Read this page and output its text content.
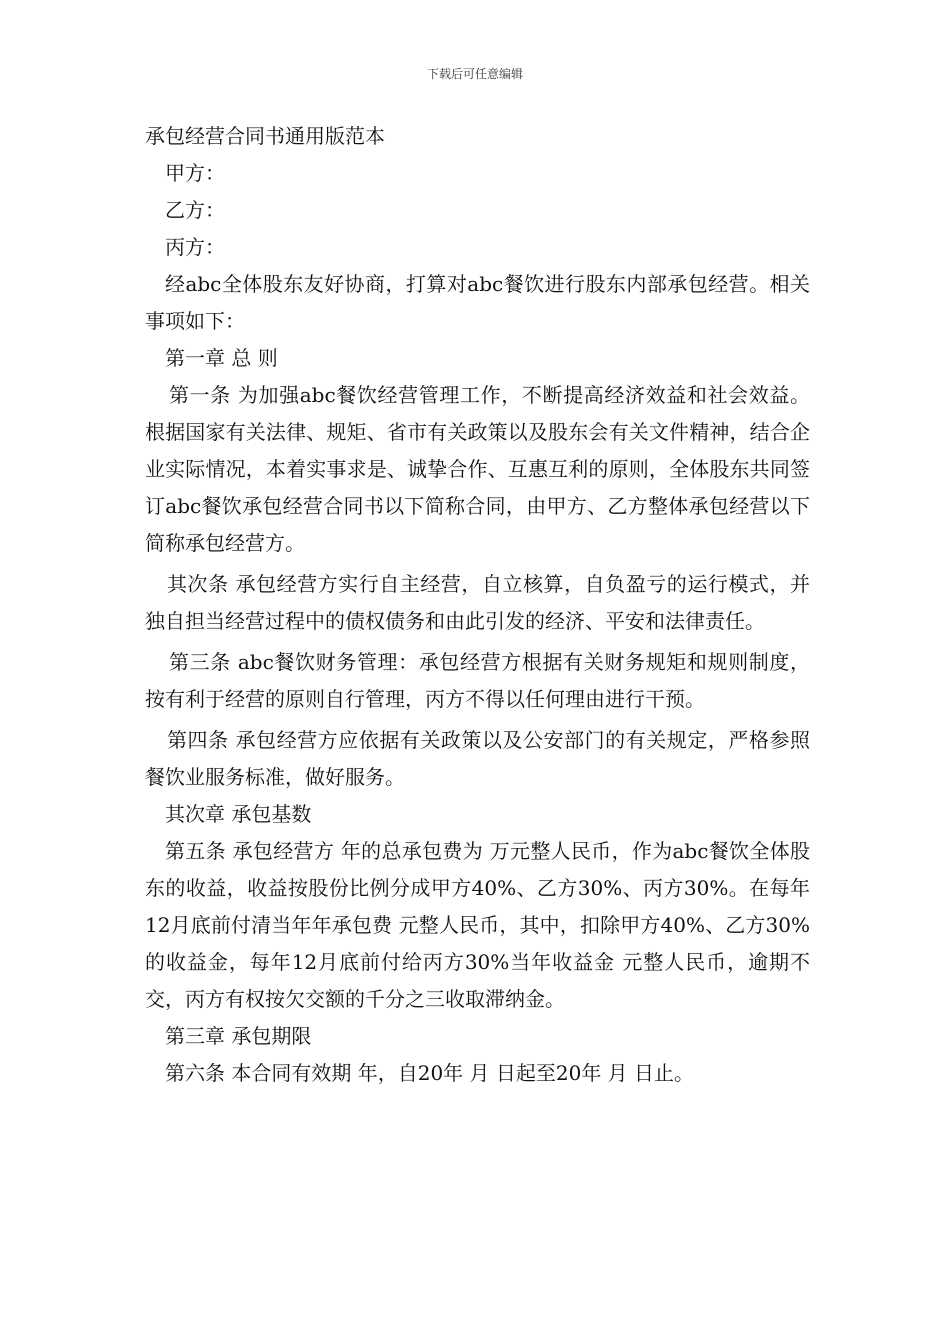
下载后可任意编辑

承包经营合同书通用版范本

甲方：

乙方：

丙方：

经abc全体股东友好协商，打算对abc餐饮进行股东内部承包经营。相关事项如下：

第一章 总 则

第一条 为加强abc餐饮经营管理工作，不断提高经济效益和社会效益。根据国家有关法律、规矩、省市有关政策以及股东会有关文件精神，结合企业实际情况，本着实事求是、诚挚合作、互惠互利的原则，全体股东共同签订abc餐饮承包经营合同书以下简称合同，由甲方、乙方整体承包经营以下简称承包经营方。

其次条 承包经营方实行自主经营，自立核算，自负盈亏的运行模式，并独自担当经营过程中的债权债务和由此引发的经济、平安和法律责任。

第三条 abc餐饮财务管理：承包经营方根据有关财务规矩和规则制度，按有利于经营的原则自行管理，丙方不得以任何理由进行干预。

第四条 承包经营方应依据有关政策以及公安部门的有关规定，严格参照餐饮业服务标准，做好服务。

其次章 承包基数

第五条 承包经营方 年的总承包费为 万元整人民币，作为abc餐饮全体股东的收益，收益按股份比例分成甲方40%、乙方30%、丙方30%。在每年12月底前付清当年年承包费 元整人民币，其中，扣除甲方40%、乙方30%的收益金，每年12月底前付给丙方30%当年收益金 元整人民币，逾期不交，丙方有权按欠交额的千分之三收取滞纳金。

第三章 承包期限

第六条 本合同有效期 年，自20年 月 日起至20年 月 日止。
